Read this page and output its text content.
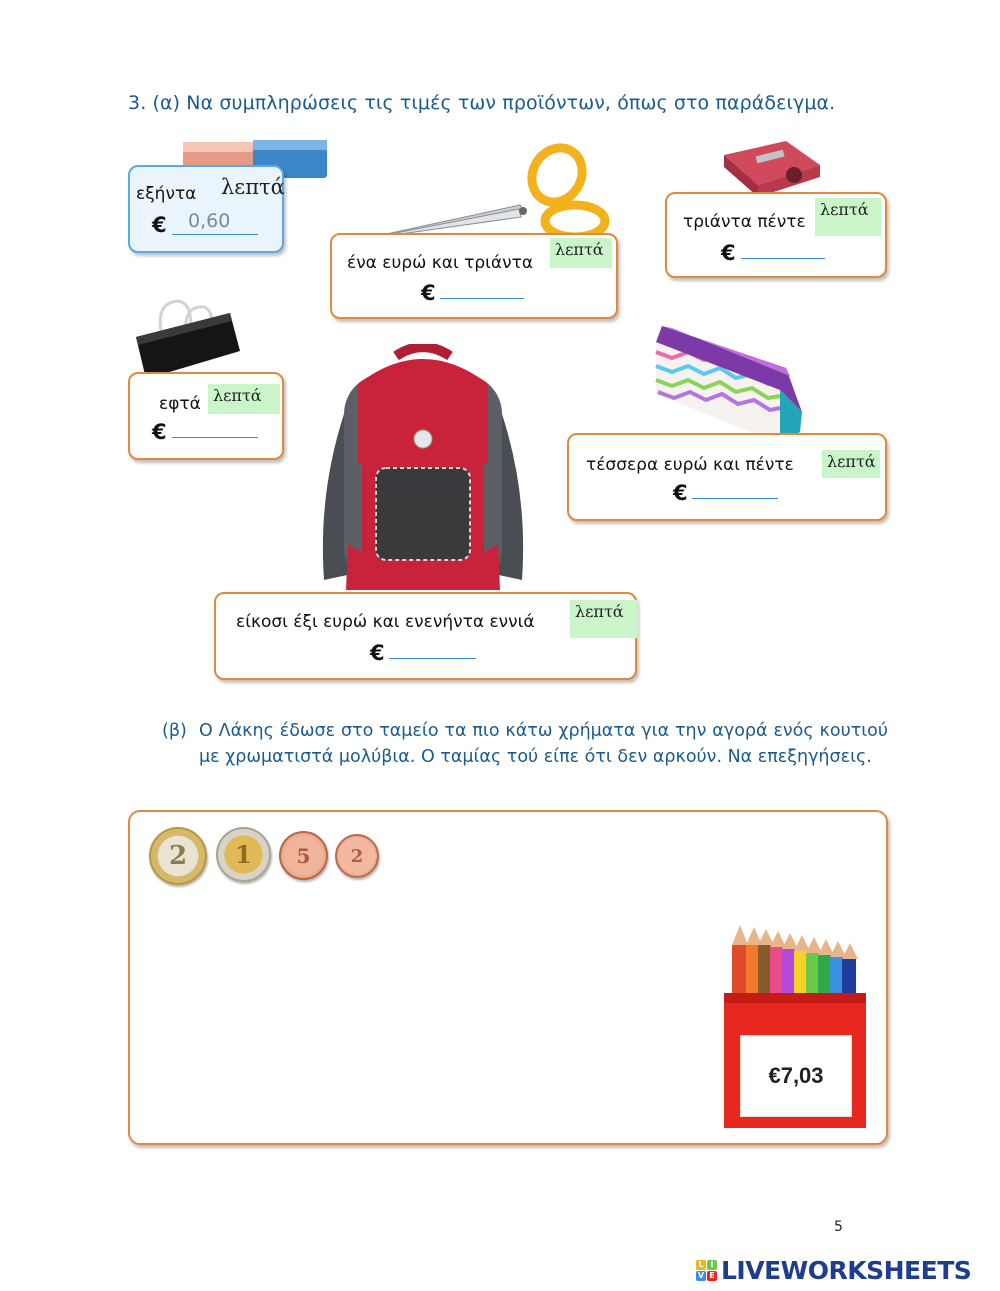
3. (α) Να συμπληρώσεις τις τιμές των προϊόντων, όπως στο παράδειγμα.
εξήντα λεπτά
€ 0,60
ένα ευρώ και τριάντα
λεπτά
€
τριάντα πέντε
λεπτά
€
εφτά λεπτά
€
τέσσερα ευρώ και πέντε	λεπτά
€
είκοσι έξι ευρώ και ενενήντα εννιά
λεπτά
€
(β) Ο Λάκης έδωσε στο ταμείο τα πιο κάτω χρήματα για την αγορά ενός κουτιού με χρωματιστά μολύβια. Ο ταμίας τού είπε ότι δεν αρκούν. Να επεξηγήσεις.
2 1 5 2
€7,03
5
L I
V E LIVEWORKSHEETS
